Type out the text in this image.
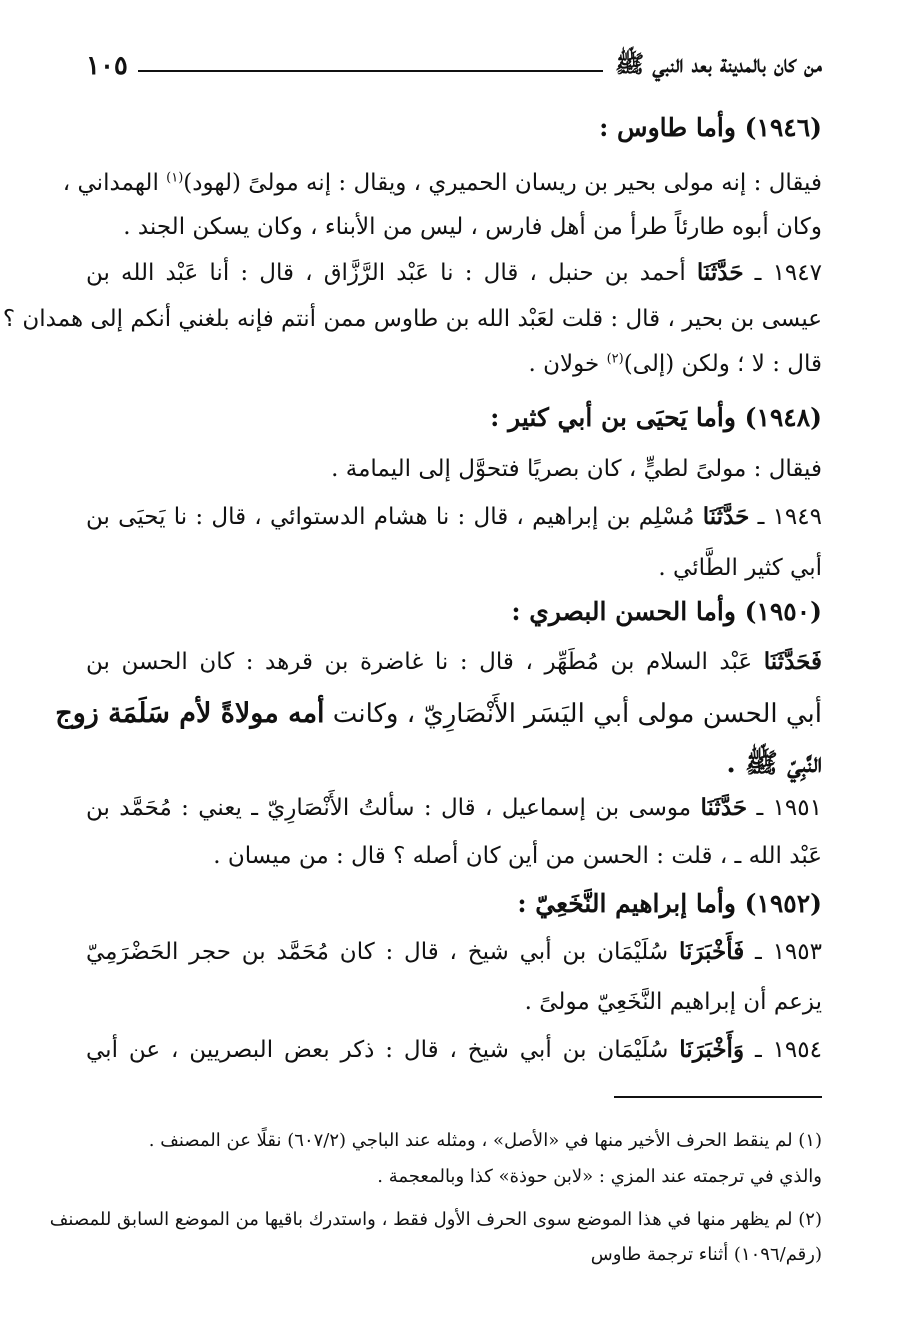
من كان بالمدينة بعد النبي ﷺ
١٠٥
(١٩٤٦) وأما طاوس :
فيقال : إنه مولى بحير بن ريسان الحميري ، ويقال : إنه مولىً (لهود)$^{(١)}$ الهمداني ،
وكان أبوه طارئاً طرأ من أهل فارس ، ليس من الأبناء ، وكان يسكن الجند .
١٩٤٧ ـ حَدَّثَنَا أحمد بن حنبل ، قال : نا عَبْد الرَّزَّاق ، قال : أنا عَبْد الله بن
عيسى بن بحير ، قال : قلت لعَبْد الله بن طاوس ممن أنتم فإنه بلغني أنكم إلى همدان ؟
قال : لا ؛ ولكن (إلى)$^{(٢)}$ خولان .
(١٩٤٨) وأما يَحيَى بن أبي كثير :
فيقال : مولىً لطيٍّ ، كان بصريًا فتحوَّل إلى اليمامة .
١٩٤٩ ـ حَدَّثَنَا مُسْلِم بن إبراهيم ، قال : نا هشام الدستوائي ، قال : نا يَحيَى بن
أبي كثير الطَّائي .
(١٩٥٠) وأما الحسن البصري :
فَحَدَّثَنَا عَبْد السلام بن مُطَهِّر ، قال : نا غاضرة بن قرهد : كان الحسن بن
أبي الحسن مولى أبي اليَسَر الأَنْصَارِيّ ، وكانت أمه مولاةً لأم سَلَمَة زوج
النَّبِيّ ﷺ .
١٩٥١ ـ حَدَّثَنَا موسى بن إسماعيل ، قال : سألتُ الأَنْصَارِيّ ـ يعني : مُحَمَّد بن
عَبْد الله ـ ، قلت : الحسن من أين كان أصله ؟ قال : من ميسان .
(١٩٥٢) وأما إبراهيم النَّخَعِيّ :
١٩٥٣ ـ فَأَخْبَرَنَا سُلَيْمَان بن أبي شيخ ، قال : كان مُحَمَّد بن حجر الحَضْرَمِيّ
يزعم أن إبراهيم النَّخَعِيّ مولىً .
١٩٥٤ ـ وَأَخْبَرَنَا سُلَيْمَان بن أبي شيخ ، قال : ذكر بعض البصريين ، عن أبي
(١) لم ينقط الحرف الأخير منها في «الأصل» ، ومثله عند الباجي (٦٠٧/٢) نقلًا عن المصنف .
والذي في ترجمته عند المزي : «لابن حوذة» كذا وبالمعجمة .
(٢) لم يظهر منها في هذا الموضع سوى الحرف الأول فقط ، واستدرك باقيها من الموضع السابق للمصنف
(رقم/١٠٩٦) أثناء ترجمة طاوس
